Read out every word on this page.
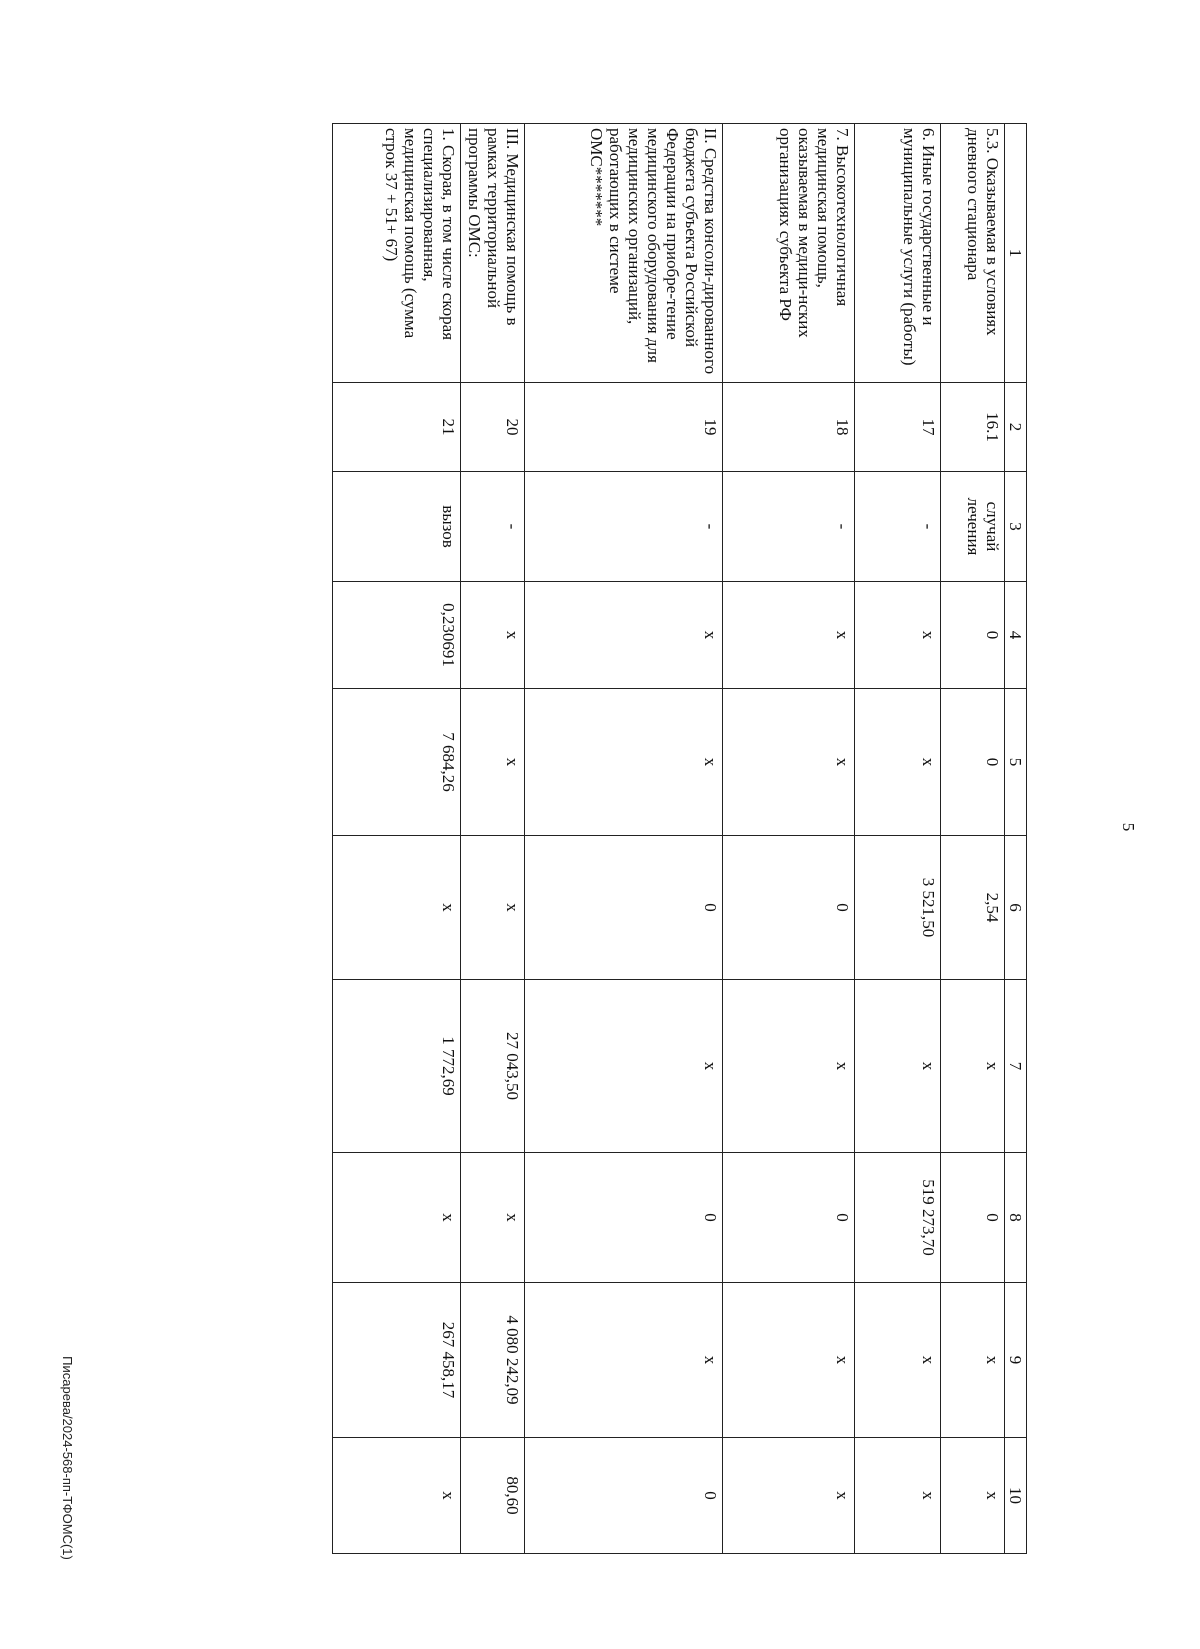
5
1	2	3	4	5	6	7	8	9	10
5.3. Оказываемая в условиях дневного стационара	16.1	случай лечения	0	0	2,54	x	0	x	x
6. Иные государственные и муниципальные услуги (работы)	17	-	x	x	3 521,50	x	519 273,70	x	x
7. Высокотехнологичная медицинская помощь, оказываемая в медици-нских организациях субъекта РФ	18	-	x	x	0	x	0	x	x
II. Средства консоли-дированного бюджета субъекта Российской Федерации на приобре-тение медицинского оборудования для медицинских организаций, работающих в системе ОМС*******	19	-	x	x	0	x	0	x	0
III. Медицинская помощь в рамках территориальной программы ОМС:	20	-	x	x	x	27 043,50	x	4 080 242,09	80,60
1. Скорая, в том числе скорая специализированная, медицинская помощь (сумма строк 37 + 51+ 67)	21	вызов	0,230691	7 684,26	x	1 772,69	x	267 458,17	x
Писарева/2024-568-пп-ТФОМС(1)
